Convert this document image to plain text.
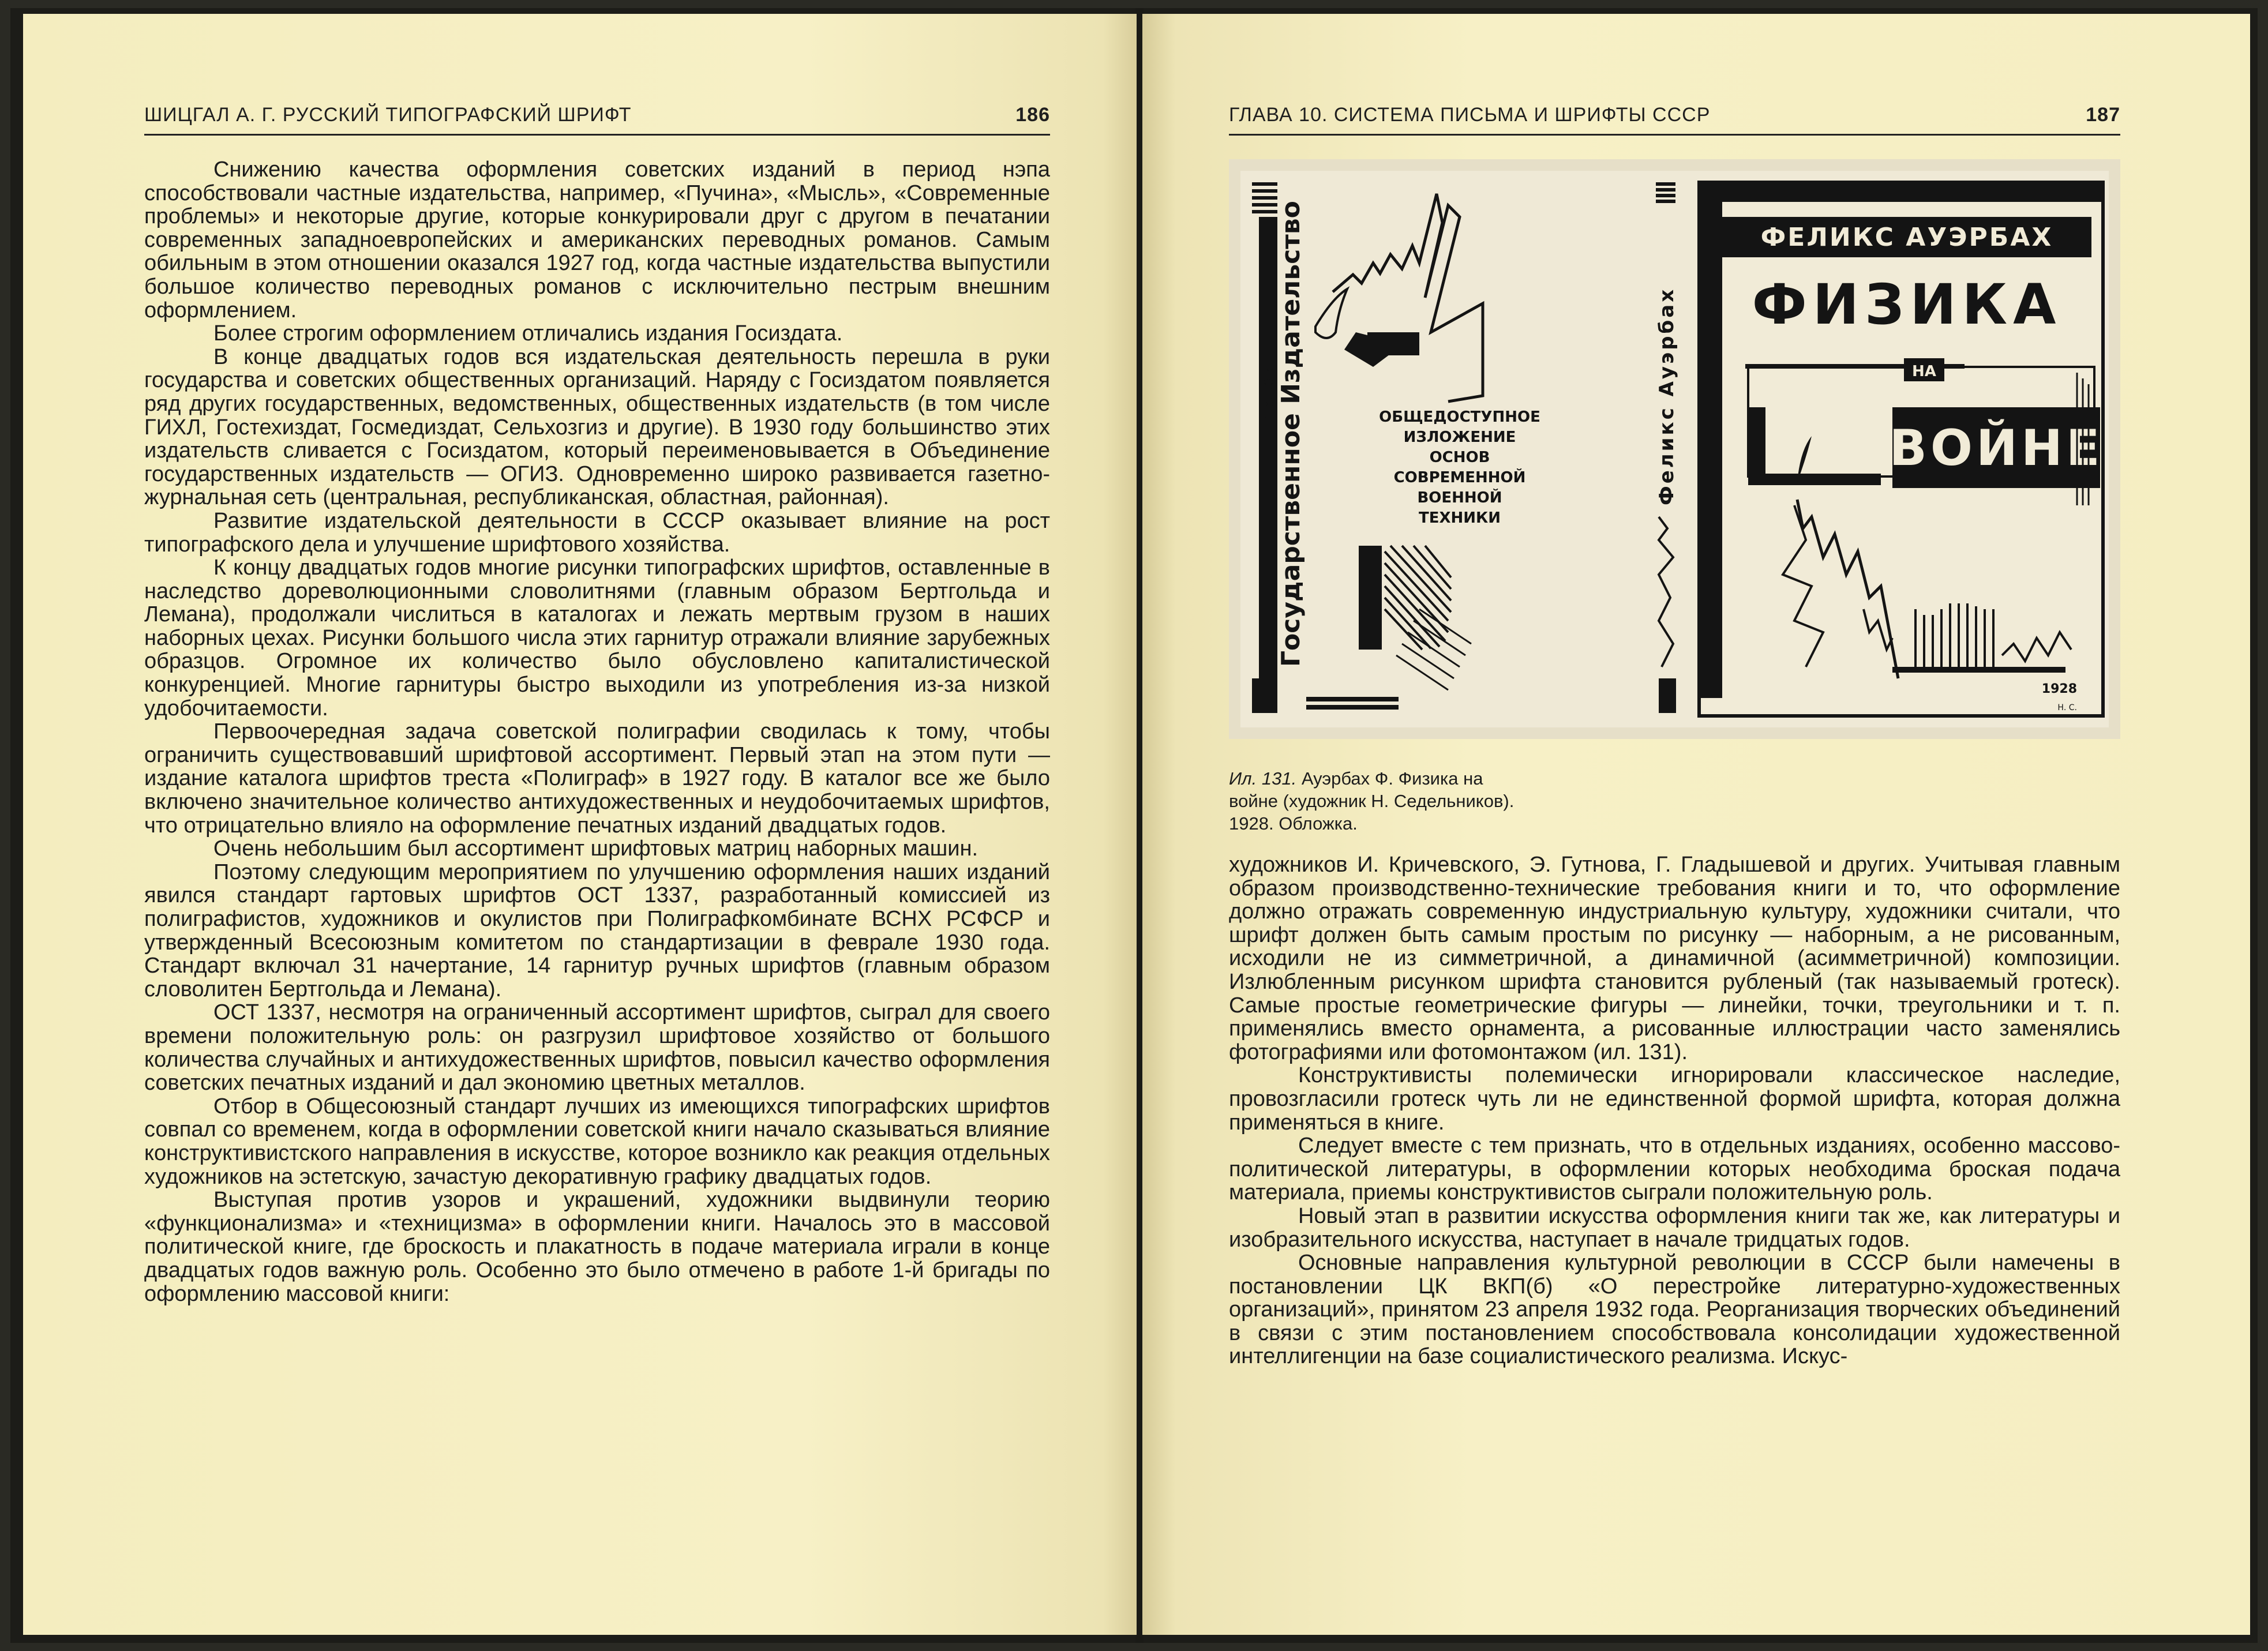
ШИЦГАЛ А. Г. РУССКИЙ ТИПОГРАФСКИЙ ШРИФТ	186

Снижению качества оформления советских изданий в период нэпа способствовали частные издательства, например, «Пучина», «Мысль», «Современные проблемы» и некоторые другие, которые конкурировали друг с другом в печатании современных западноевропейских и американских переводных романов. Самым обильным в этом отношении оказался 1927 год, когда частные издательства выпустили большое количество переводных романов с исключительно пестрым внешним оформлением.

Более строгим оформлением отличались издания Госиздата.

В конце двадцатых годов вся издательская деятельность перешла в руки государства и советских общественных организаций. Наряду с Госиздатом появляется ряд других государственных, ведомственных, общественных издательств (в том числе ГИХЛ, Гостехиздат, Госмедиздат, Сельхозгиз и другие). В 1930 году большинство этих издательств сливается с Госиздатом, который переименовывается в Объединение государственных издательств — ОГИЗ. Одновременно широко развивается газетно-журнальная сеть (центральная, республиканская, областная, районная).

Развитие издательской деятельности в СССР оказывает влияние на рост типографского дела и улучшение шрифтового хозяйства.

К концу двадцатых годов многие рисунки типографских шрифтов, оставленные в наследство дореволюционными словолитнями (главным образом Бертгольда и Лемана), продолжали числиться в каталогах и лежать мертвым грузом в наших наборных цехах. Рисунки большого числа этих гарнитур отражали влияние зарубежных образцов. Огромное их количество было обусловлено капиталистической конкуренцией. Многие гарнитуры быстро выходили из употребления из-за низкой удобочитаемости.

Первоочередная задача советской полиграфии сводилась к тому, чтобы ограничить существовавший шрифтовой ассортимент. Первый этап на этом пути — издание каталога шрифтов треста «Полиграф» в 1927 году. В каталог все же было включено значительное количество антихудожественных и неудобочитаемых шрифтов, что отрицательно влияло на оформление печатных изданий двадцатых годов.

Очень небольшим был ассортимент шрифтовых матриц наборных машин.

Поэтому следующим мероприятием по улучшению оформления наших изданий явился стандарт гартовых шрифтов ОСТ 1337, разработанный комиссией из полиграфистов, художников и окулистов при Полиграфкомбинате ВСНХ РСФСР и утвержденный Всесоюзным комитетом по стандартизации в феврале 1930 года. Стандарт включал 31 начертание, 14 гарнитур ручных шрифтов (главным образом словолитен Бертгольда и Лемана).

ОСТ 1337, несмотря на ограниченный ассортимент шрифтов, сыграл для своего времени положительную роль: он разгрузил шрифтовое хозяйство от большого количества случайных и антихудожественных шрифтов, повысил качество оформления советских печатных изданий и дал экономию цветных металлов.

Отбор в Общесоюзный стандарт лучших из имеющихся типографских шрифтов совпал со временем, когда в оформлении советской книги начало сказываться влияние конструктивистского направления в искусстве, которое возникло как реакция отдельных художников на эстетскую, зачастую декоративную графику двадцатых годов.

Выступая против узоров и украшений, художники выдвинули теорию «функционализма» и «техницизма» в оформлении книги. Началось это в массовой политической книге, где броскость и плакатность в подаче материала играли в конце двадцатых годов важную роль. Особенно это было отмечено в работе 1-й бригады по оформлению массовой книги:

ГЛАВА 10. СИСТЕМА ПИСЬМА И ШРИФТЫ СССР	187
Государственное Издательство
1 р. 50 к.	ОБЩЕДОСТУПНОЕ
ИЗЛОЖЕНИЕ
ОСНОВ
СОВРЕМЕННОЙ
ВОЕННОЙ
ТЕХНИКИ
Феликс Ауэрбах
ФЕЛИКС АУЭРБАХ
ФИЗИКА
НА
ВОЙНЕ
1928
Н. С.
Ил. 131. Ауэрбах Ф. Физика на войне (художник Н. Седельников). 1928. Обложка.

художников И. Кричевского, Э. Гутнова, Г. Гладышевой и других. Учитывая главным образом производственно-технические требования книги и то, что оформление должно отражать современную индустриальную культуру, художники считали, что шрифт должен быть самым простым по рисунку — наборным, а не рисованным, исходили не из симметричной, а динамичной (асимметричной) композиции. Излюбленным рисунком шрифта становится рубленый (так называемый гротеск). Самые простые геометрические фигуры — линейки, точки, треугольники и т. п. применялись вместо орнамента, а рисованные иллюстрации часто заменялись фотографиями или фотомонтажом (ил. 131).

Конструктивисты полемически игнорировали классическое наследие, провозгласили гротеск чуть ли не единственной формой шрифта, которая должна применяться в книге.

Следует вместе с тем признать, что в отдельных изданиях, особенно массово-политической литературы, в оформлении которых необходима броская подача материала, приемы конструктивистов сыграли положительную роль.

Новый этап в развитии искусства оформления книги так же, как литературы и изобразительного искусства, наступает в начале тридцатых годов.

Основные направления культурной революции в СССР были намечены в постановлении ЦК ВКП(б) «О перестройке литературно-художественных организаций», принятом 23 апреля 1932 года. Реорганизация творческих объединений в связи с этим постановлением способствовала консолидации художественной интеллигенции на базе социалистического реализма. Искус-
